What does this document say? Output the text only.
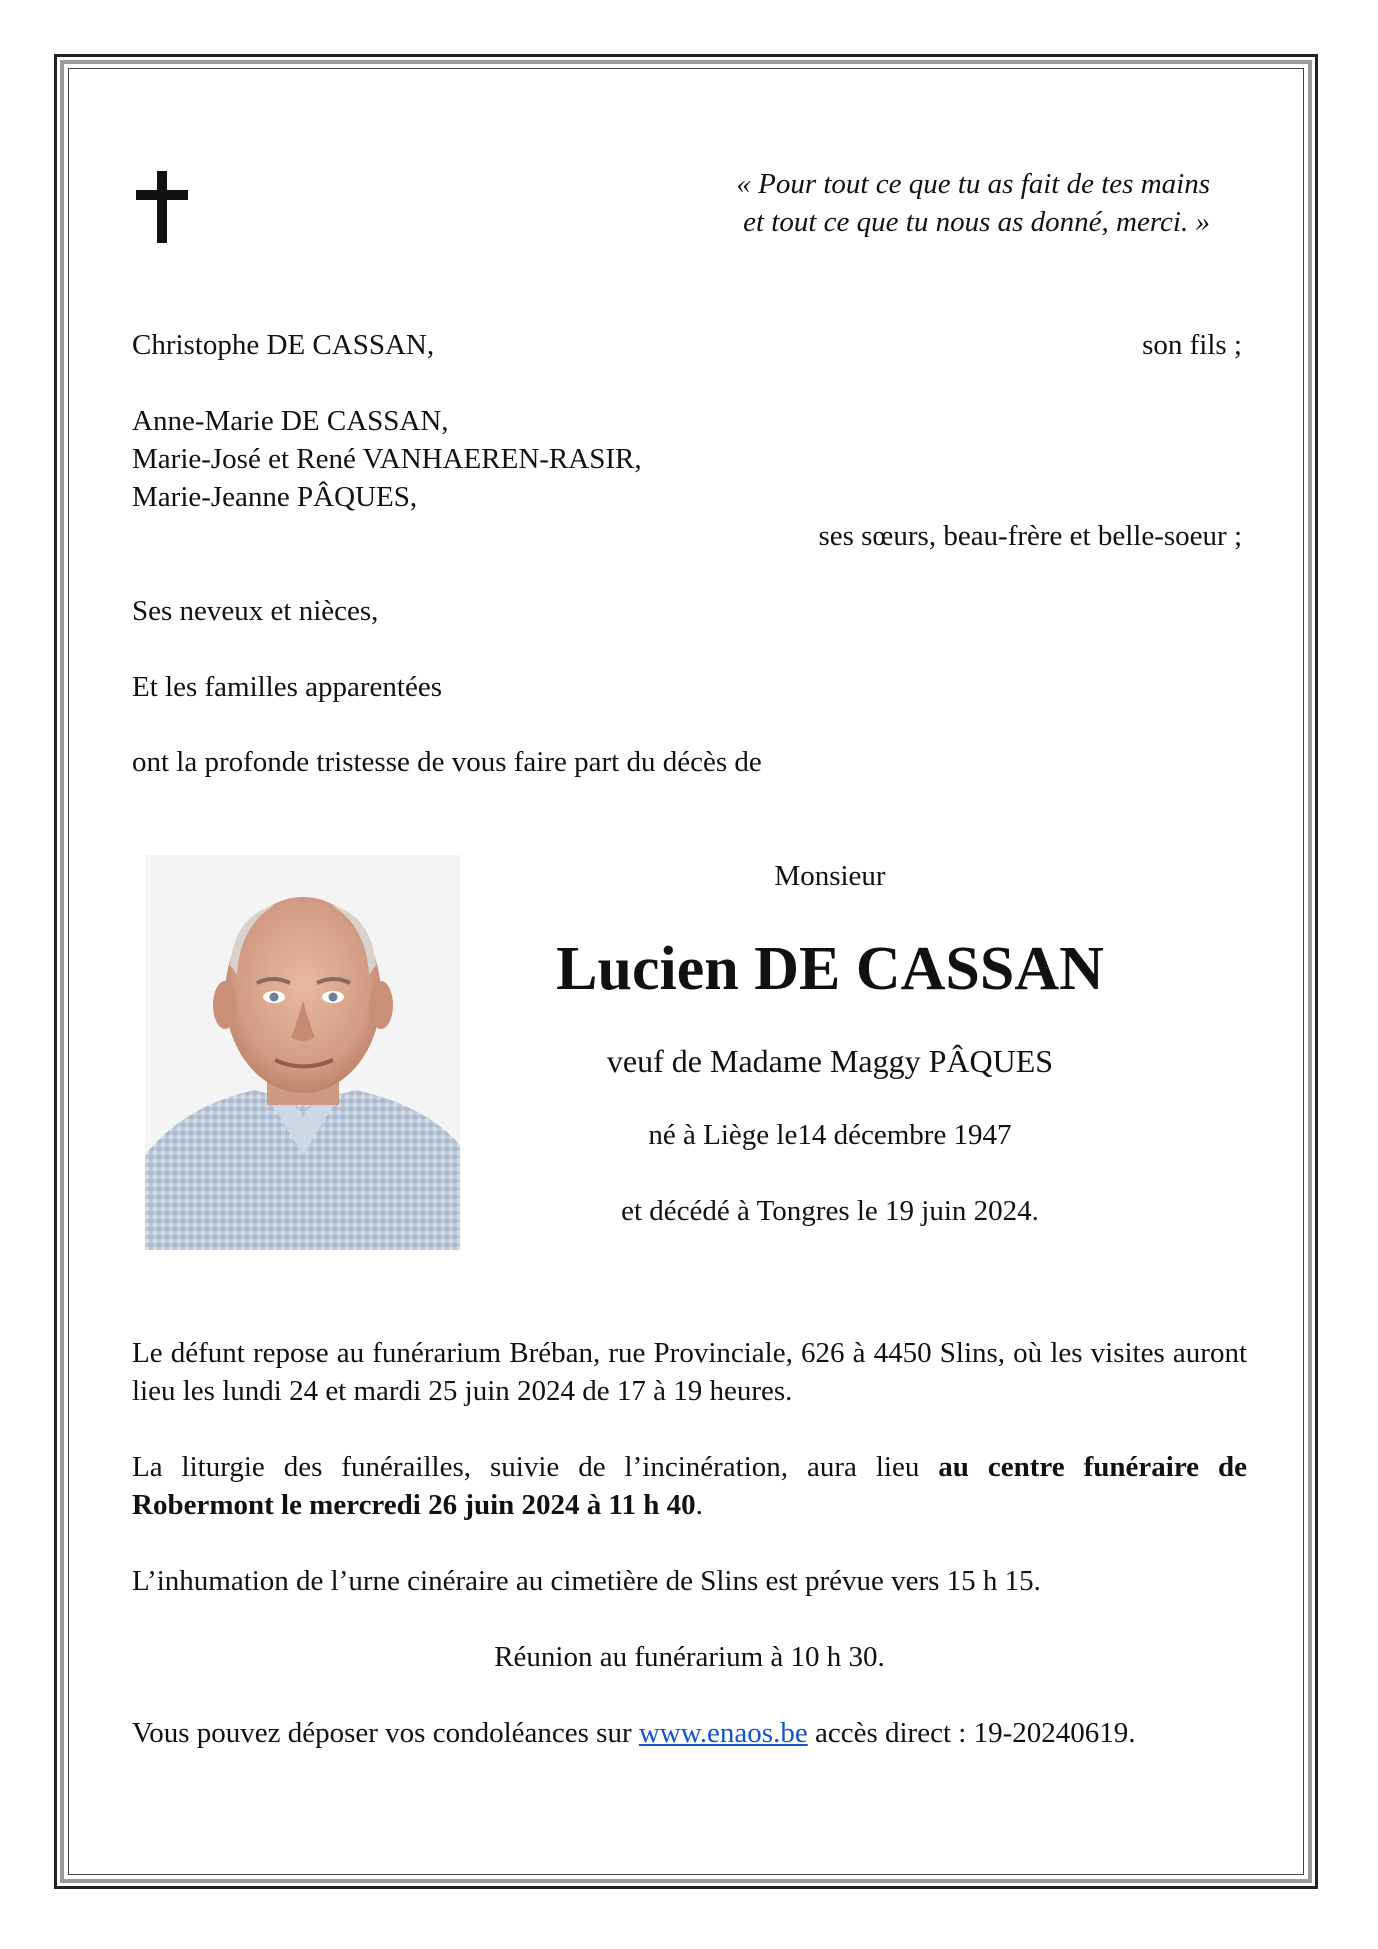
« Pour tout ce que tu as fait de tes mains
et tout ce que tu nous as donné, merci. »
Christophe DE CASSAN,	son fils ;
Anne-Marie DE CASSAN,
Marie-José et René VANHAEREN-RASIR,
Marie-Jeanne PÂQUES,
ses sœurs, beau-frère et belle-soeur ;
Ses neveux et nièces,
Et les familles apparentées
ont la profonde tristesse de vous faire part du décès de
Monsieur
Lucien DE CASSAN
veuf de Madame Maggy PÂQUES
né à Liège le14 décembre 1947
et décédé à Tongres le 19 juin 2024.
Le défunt repose au funérarium Bréban, rue Provinciale, 626 à 4450 Slins, où les visites auront lieu les lundi 24 et mardi 25 juin 2024 de 17 à 19 heures.
La liturgie des funérailles, suivie de l’incinération, aura lieu au centre funéraire de Robermont le mercredi 26 juin 2024 à 11 h 40.
L’inhumation de l’urne cinéraire au cimetière de Slins est prévue vers 15 h 15.
Réunion au funérarium à 10 h 30.
Vous pouvez déposer vos condoléances sur www.enaos.be accès direct : 19-20240619.
